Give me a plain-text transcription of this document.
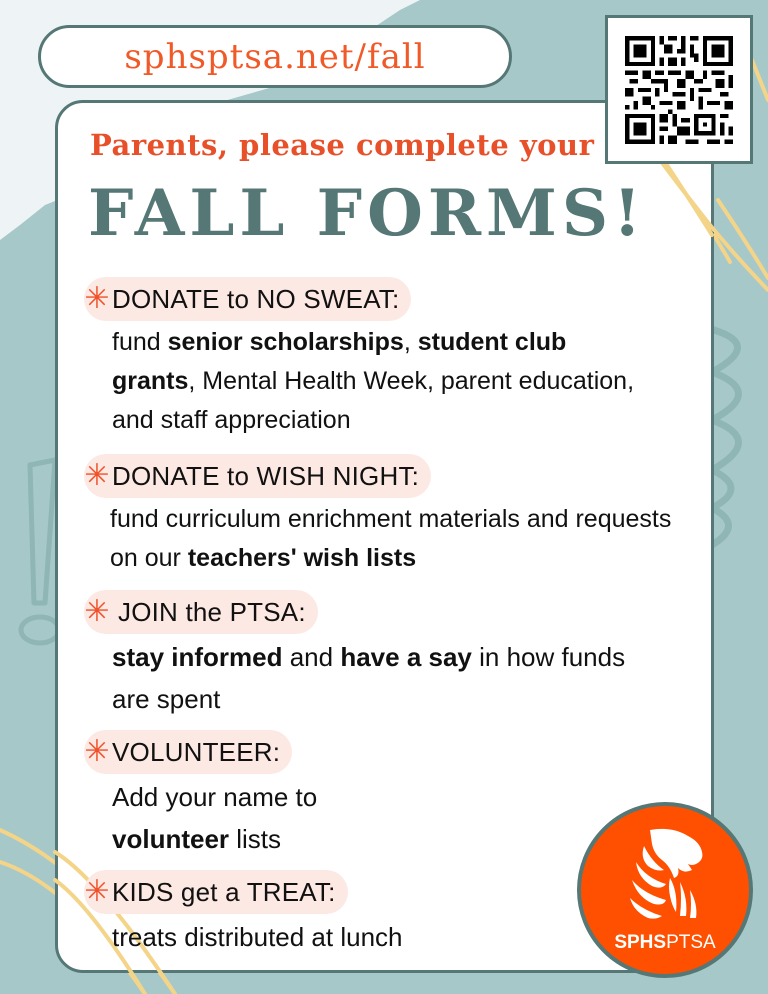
sphsptsa.net/fall
Parents, please complete your
FALL FORMS!
✳ DONATE to NO SWEAT:
fund senior scholarships, student club grants, Mental Health Week, parent education, and staff appreciation
✳ DONATE to WISH NIGHT:
fund curriculum enrichment materials and requests on our teachers' wish lists
✳ JOIN the PTSA:
stay informed and have a say in how funds are spent
✳ VOLUNTEER:
Add your name to volunteer lists
✳ KIDS get a TREAT:
treats distributed at lunch	SPHSPTSA
